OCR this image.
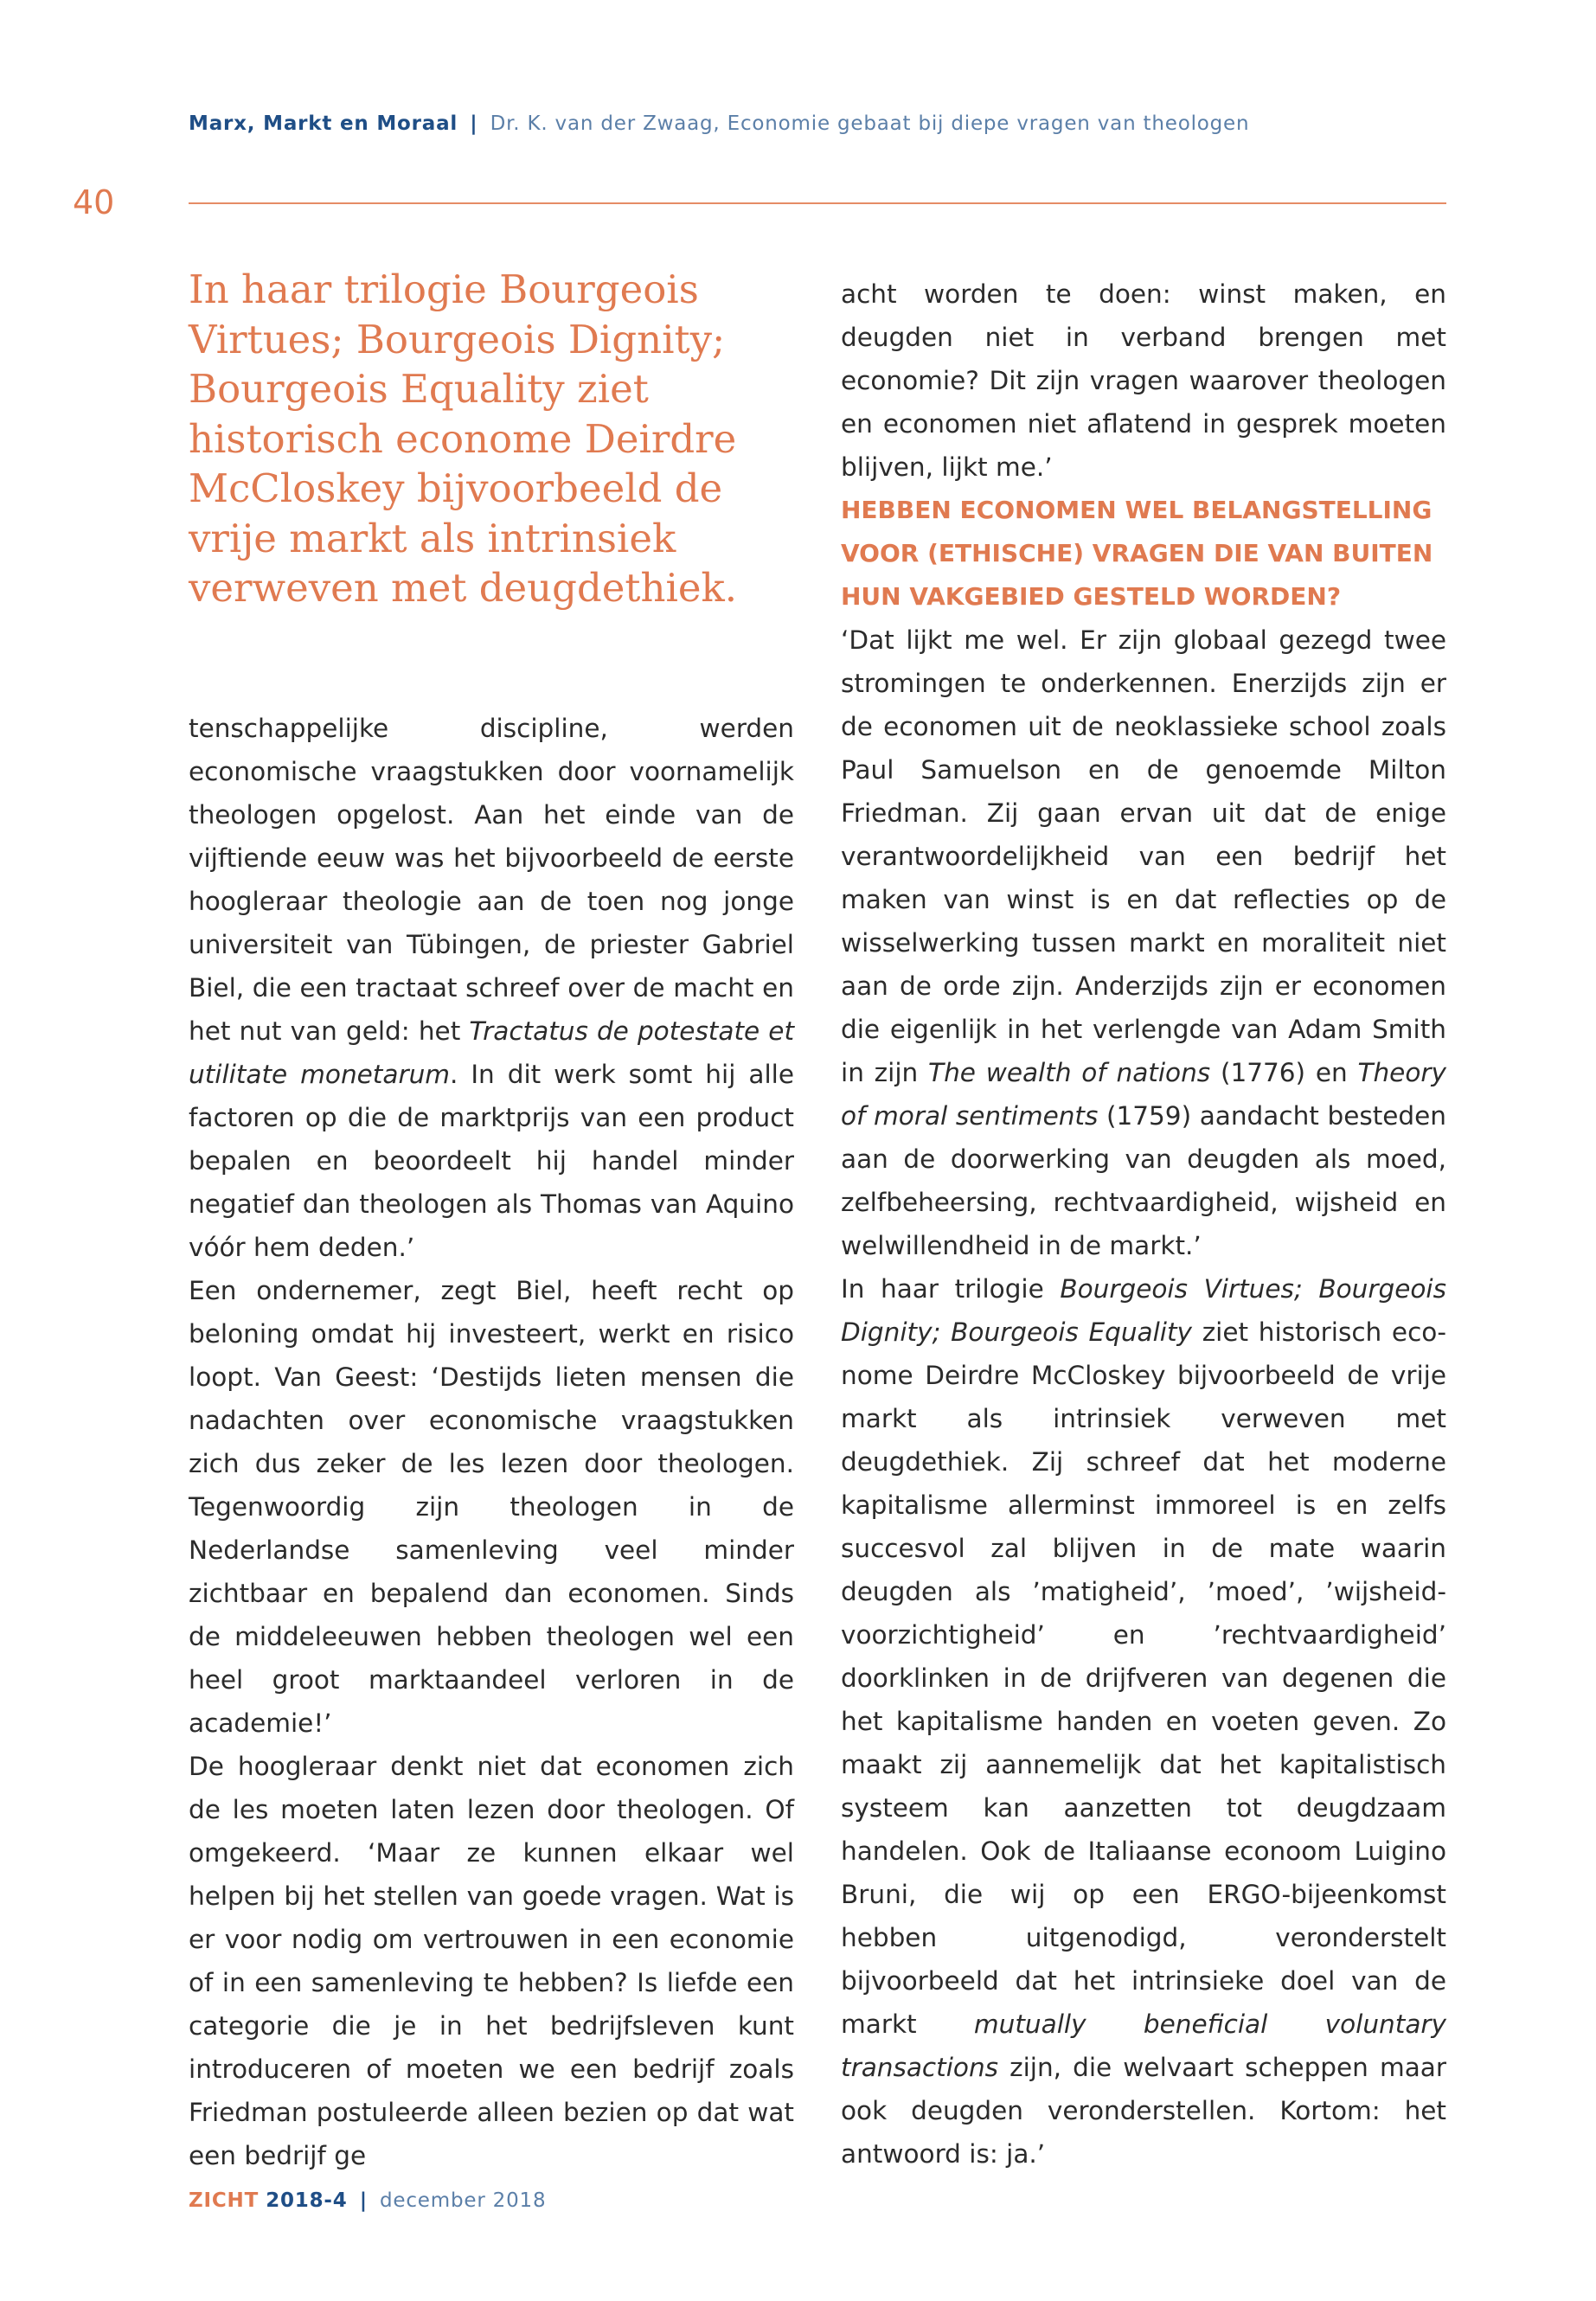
Marx, Markt en Moraal | Dr. K. van der Zwaag, Economie gebaat bij diepe vragen van theologen
40
In haar trilogie Bourgeois Virtues; Bourgeois Dignity; Bourgeois Equality ziet historisch econome Deirdre McCloskey bijvoorbeeld de vrije markt als intrinsiek verweven met deugdethiek.

tenschappelijke discipline, werden economische vraagstukken door voornamelijk theologen opgelost. Aan het einde van de vijftiende eeuw was het bijvoorbeeld de eerste hoogleraar theologie aan de toen nog jonge universiteit van Tübingen, de priester Gabriel Biel, die een tractaat schreef over de macht en het nut van geld: het Tractatus de potestate et utilitate monetarum. In dit werk somt hij alle factoren op die de marktprijs van een product bepalen en beoordeelt hij handel minder negatief dan theologen als Thomas van Aquino vóór hem deden.’

Een ondernemer, zegt Biel, heeft recht op beloning omdat hij investeert, werkt en risico loopt. Van Geest: ‘Destijds lieten mensen die nadachten over economische vraagstukken zich dus zeker de les lezen door theologen. Tegenwoordig zijn theologen in de Nederlandse samenleving veel minder zichtbaar en bepalend dan economen. Sinds de middeleeuwen hebben theologen wel een heel groot marktaandeel verloren in de academie!’

De hoogleraar denkt niet dat economen zich de les moeten laten lezen door theologen. Of omgekeerd. ‘Maar ze kunnen elkaar wel helpen bij het stellen van goede vragen. Wat is er voor nodig om vertrouwen in een economie of in een samenleving te hebben? Is liefde een categorie die je in het bedrijfsleven kunt introduceren of moeten we een bedrijf zoals Friedman postuleerde alleen bezien op dat wat een bedrijf ge

acht worden te doen: winst maken, en deugden niet in verband brengen met economie? Dit zijn vragen waarover theologen en economen niet aflatend in gesprek moeten blijven, lijkt me.’

HEBBEN ECONOMEN WEL BELANGSTELLING VOOR (ETHISCHE) VRAGEN DIE VAN BUITEN HUN VAKGEBIED GESTELD WORDEN?

‘Dat lijkt me wel. Er zijn globaal gezegd twee stromingen te onderkennen. Enerzijds zijn er de economen uit de neoklassieke school zoals Paul Samuelson en de genoemde Milton Friedman. Zij gaan ervan uit dat de enige verantwoordelijkheid van een bedrijf het maken van winst is en dat reflecties op de wisselwerking tussen markt en moraliteit niet aan de orde zijn. Anderzijds zijn er economen die eigenlijk in het verlengde van Adam Smith in zijn The wealth of nations (1776) en Theory of moral sentiments (1759) aandacht besteden aan de doorwerking van deugden als moed, zelfbeheersing, rechtvaardigheid, wijsheid en welwillendheid in de markt.’

In haar trilogie Bourgeois Virtues; Bourgeois Dignity; Bourgeois Equality ziet historisch econome Deirdre McCloskey bijvoorbeeld de vrije markt als intrinsiek verweven met deugdethiek. Zij schreef dat het moderne kapitalisme allerminst immoreel is en zelfs succesvol zal blijven in de mate waarin deugden als ’matigheid’, ’moed’, ’wijsheid-voorzichtigheid’ en ’rechtvaardigheid’ doorklinken in de drijfveren van degenen die het kapitalisme handen en voeten geven. Zo maakt zij aannemelijk dat het kapitalistisch systeem kan aanzetten tot deugdzaam handelen. Ook de Italiaanse econoom Luigino Bruni, die wij op een ERGO-bijeenkomst hebben uitgenodigd, veronderstelt bijvoorbeeld dat het intrinsieke doel van de markt mutually beneficial voluntary transactions zijn, die welvaart scheppen maar ook deugden veronderstellen. Kortom: het antwoord is: ja.’

ZICHT 2018-4 | december 2018
